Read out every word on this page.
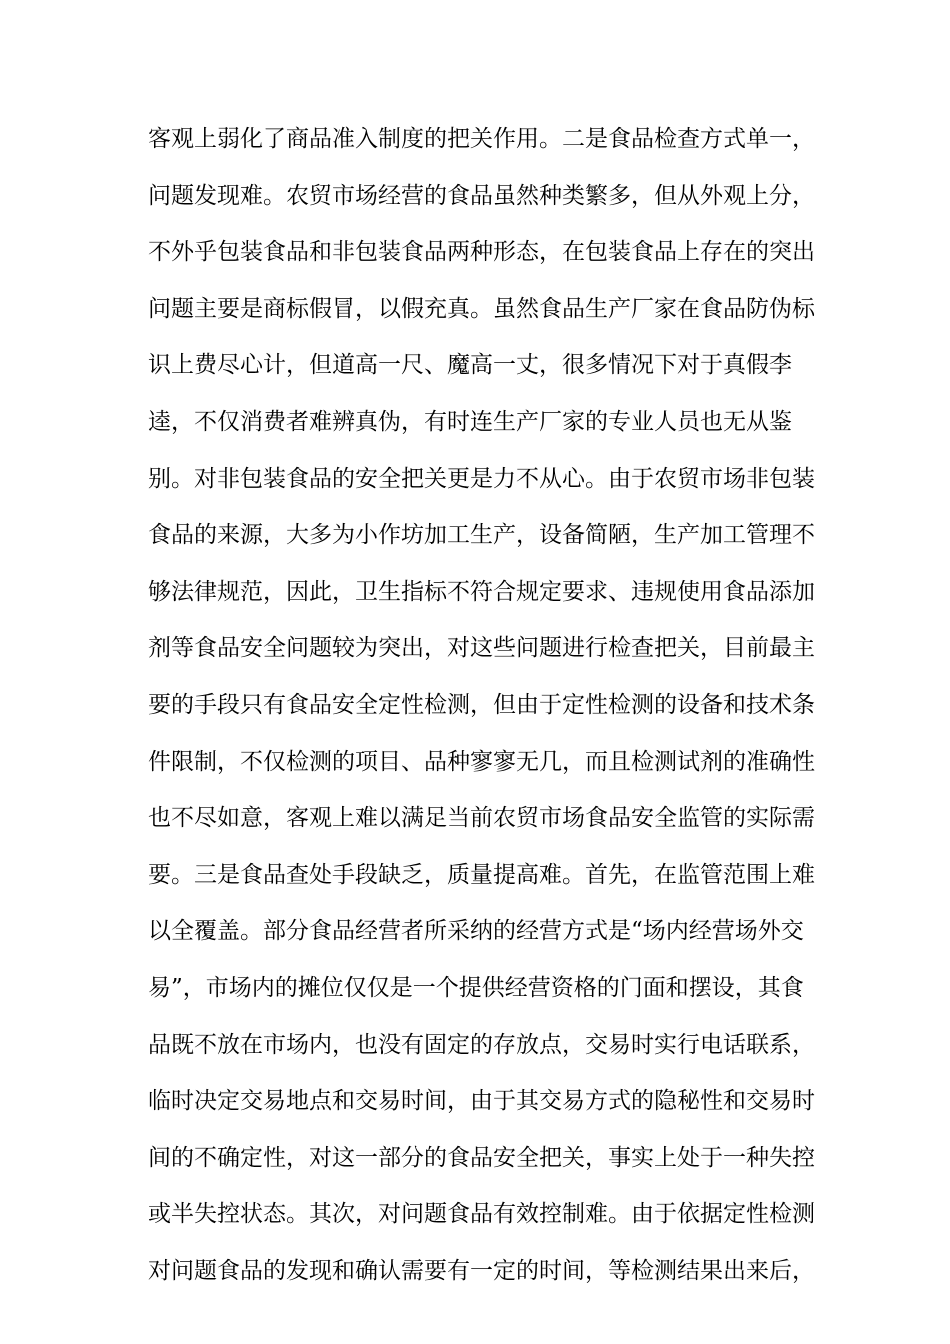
客观上弱化了商品准入制度的把关作用。二是食品检查方式单一，
问题发现难。农贸市场经营的食品虽然种类繁多，但从外观上分，
不外乎包装食品和非包装食品两种形态，在包装食品上存在的突出
问题主要是商标假冒，以假充真。虽然食品生产厂家在食品防伪标
识上费尽心计，但道高一尺、魔高一丈，很多情况下对于真假李
逵，不仅消费者难辨真伪，有时连生产厂家的专业人员也无从鉴
别。对非包装食品的安全把关更是力不从心。由于农贸市场非包装
食品的来源，大多为小作坊加工生产，设备简陋，生产加工管理不
够法律规范，因此，卫生指标不符合规定要求、违规使用食品添加
剂等食品安全问题较为突出，对这些问题进行检查把关，目前最主
要的手段只有食品安全定性检测，但由于定性检测的设备和技术条
件限制，不仅检测的项目、品种寥寥无几，而且检测试剂的准确性
也不尽如意，客观上难以满足当前农贸市场食品安全监管的实际需
要。三是食品查处手段缺乏，质量提高难。首先，在监管范围上难
以全覆盖。部分食品经营者所采纳的经营方式是“场内经营场外交
易”，市场内的摊位仅仅是一个提供经营资格的门面和摆设，其食
品既不放在市场内，也没有固定的存放点，交易时实行电话联系，
临时决定交易地点和交易时间，由于其交易方式的隐秘性和交易时
间的不确定性，对这一部分的食品安全把关，事实上处于一种失控
或半失控状态。其次，对问题食品有效控制难。由于依据定性检测
对问题食品的发现和确认需要有一定的时间，等检测结果出来后，
